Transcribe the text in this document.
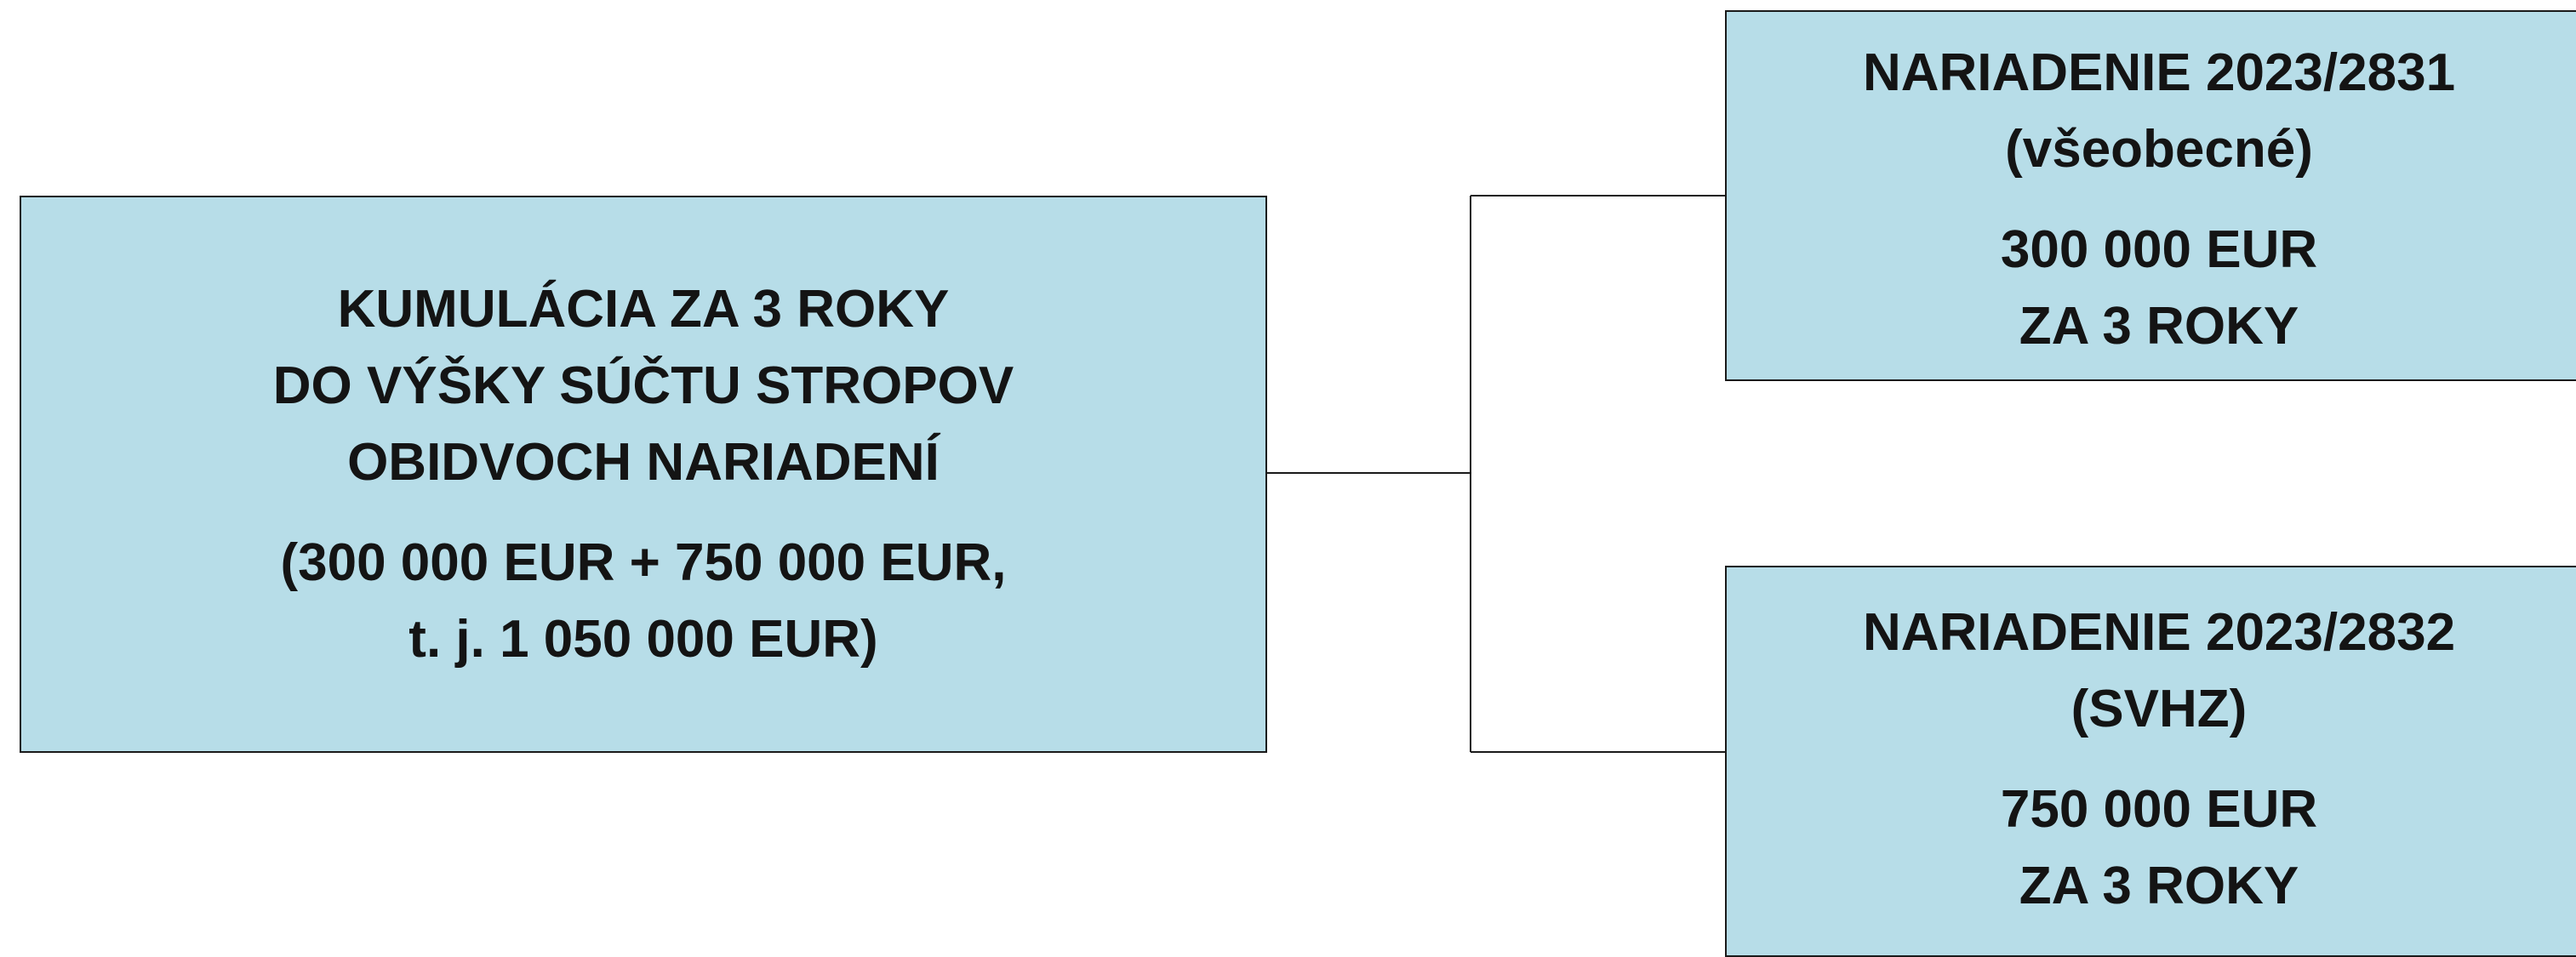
KUMULÁCIA ZA 3 ROKY
DO VÝŠKY SÚČTU STROPOV
OBIDVOCH NARIADENÍ
(300 000 EUR + 750 000 EUR,
t. j. 1 050 000 EUR)
NARIADENIE 2023/2831
(všeobecné)
300 000 EUR
ZA 3 ROKY
NARIADENIE 2023/2832
(SVHZ)
750 000 EUR
ZA 3 ROKY
